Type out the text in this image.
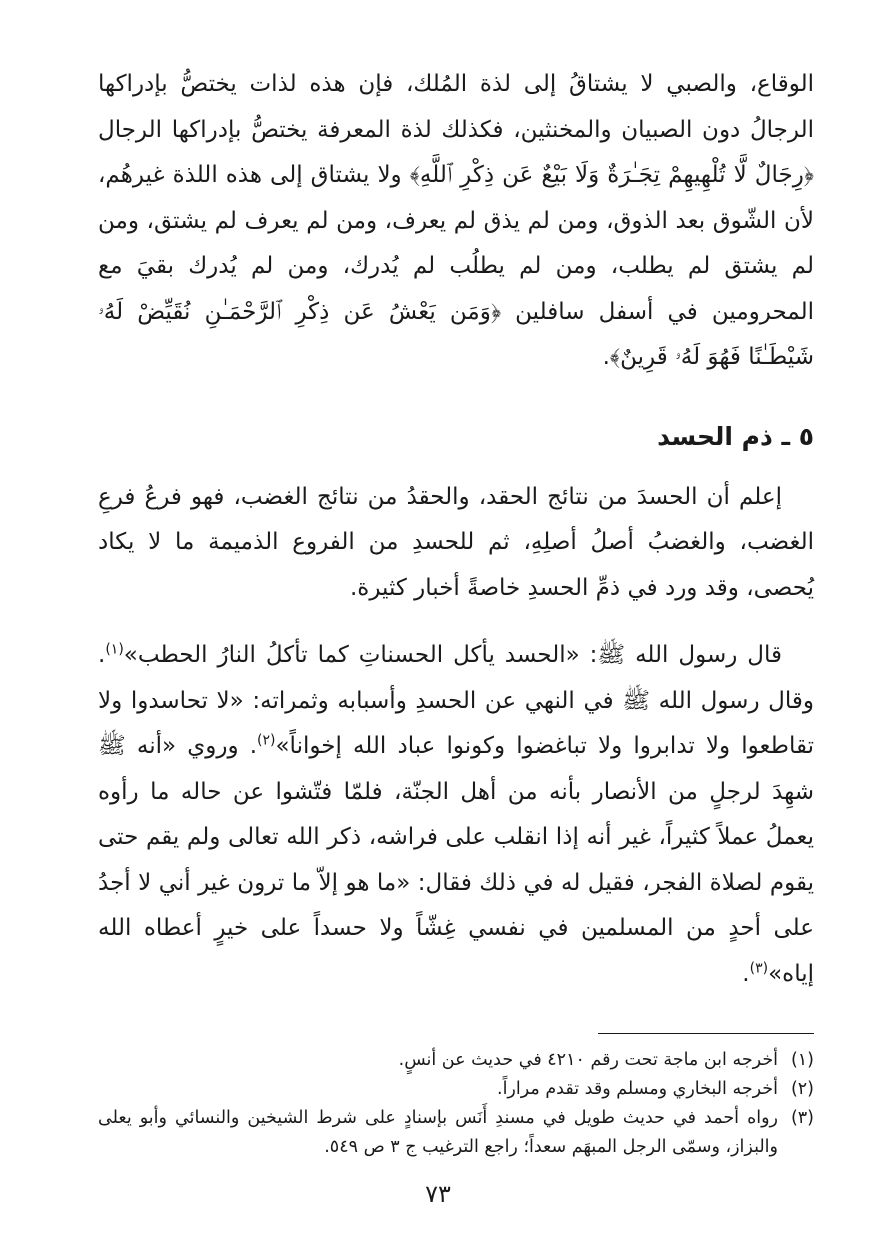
الوقاع، والصبي لا يشتاقُ إلى لذة المُلك، فإن هذه لذات يختصُّ بإدراكها الرجالُ دون الصبيان والمخنثين، فكذلك لذة المعرفة يختصُّ بإدراكها الرجال ﴿رِجَالٌ لَّا تُلْهِيهِمْ تِجَـٰرَةٌ وَلَا بَيْعٌ عَن ذِكْرِ ٱللَّهِ﴾ ولا يشتاق إلى هذه اللذة غيرهُم، لأن الشّوق بعد الذوق، ومن لم يذق لم يعرف، ومن لم يعرف لم يشتق، ومن لم يشتق لم يطلب، ومن لم يطلُب لم يُدرك، ومن لم يُدرك بقيَ مع المحرومين في أسفل سافلين ﴿وَمَن يَعْشُ عَن ذِكْرِ ٱلرَّحْمَـٰنِ نُقَيِّضْ لَهُۥ شَيْطَـٰنًا فَهُوَ لَهُۥ قَرِينٌ﴾.

٥ ـ ذم الحسد

إعلم أن الحسدَ من نتائج الحقد، والحقدُ من نتائج الغضب، فهو فرعُ فرعِ الغضب، والغضبُ أصلُ أصلِهِ، ثم للحسدِ من الفروع الذميمة ما لا يكاد يُحصى، وقد ورد في ذمِّ الحسدِ خاصةً أخبار كثيرة.

قال رسول الله ﷺ: «الحسد يأكل الحسناتِ كما تأكلُ النارُ الحطب»$^{(١)}$. وقال رسول الله ﷺ في النهي عن الحسدِ وأسبابه وثمراته: «لا تحاسدوا ولا تقاطعوا ولا تدابروا ولا تباغضوا وكونوا عباد الله إخواناً»$^{(٢)}$. وروي «أنه ﷺ شهِدَ لرجلٍ من الأنصار بأنه من أهل الجنّة، فلمّا فتّشوا عن حاله ما رأوه يعملُ عملاً كثيراً، غير أنه إذا انقلب على فراشه، ذكر الله تعالى ولم يقم حتى يقوم لصلاة الفجر، فقيل له في ذلك فقال: «ما هو إلاّ ما ترون غير أني لا أجدُ على أحدٍ من المسلمين في نفسي غِشّاً ولا حسداً على خيرٍ أعطاه الله إياه»$^{(٣)}$.

(١)
أخرجه ابن ماجة تحت رقم ٤٢١٠ في حديث عن أنسٍ.
(٢)
أخرجه البخاري ومسلم وقد تقدم مراراً.
(٣)
رواه أحمد في حديث طويل في مسندِ أَنَس بإسنادٍ على شرط الشيخين والنسائي وأبو يعلى والبزاز، وسمّى الرجل المبهَم سعداً؛ راجع الترغيب ج ٣ ص ٥٤٩.
٧٣
